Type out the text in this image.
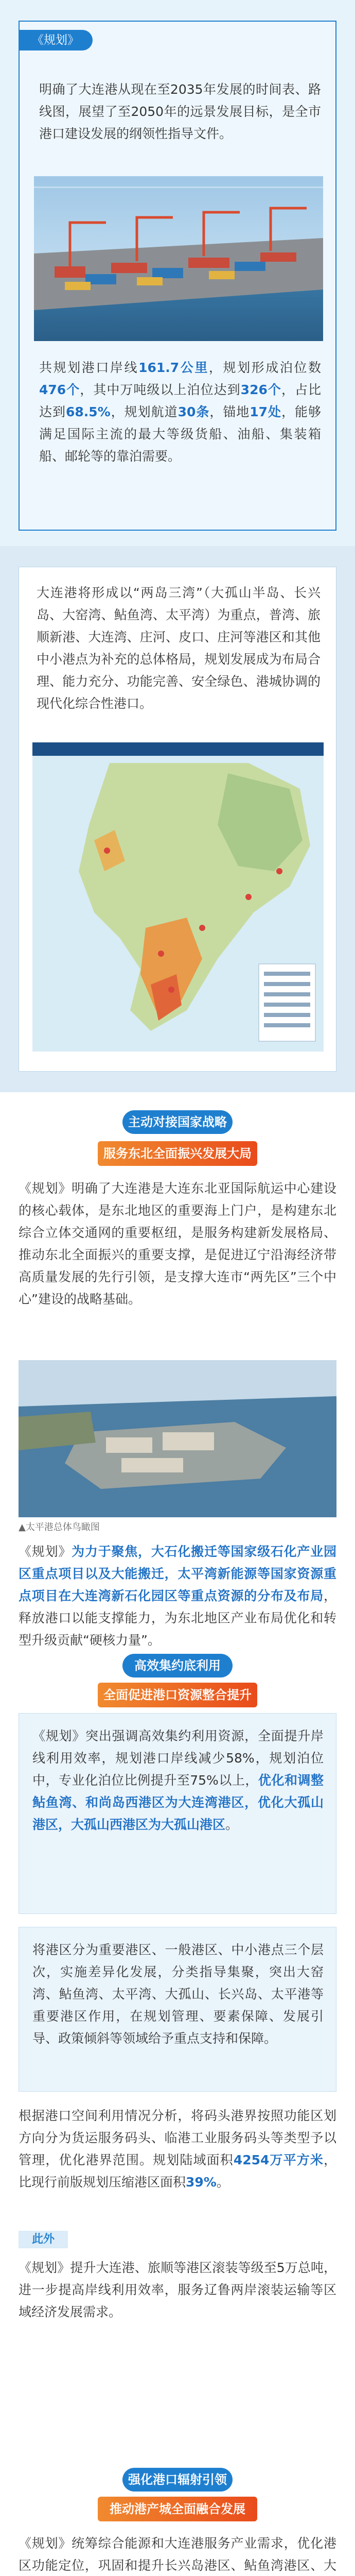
《规划》

明确了大连港从现在至2035年发展的时间表、路线图，展望了至2050年的远景发展目标，是全市港口建设发展的纲领性指导文件。

共规划港口岸线161.7公里，规划形成泊位数476个，其中万吨级以上泊位达到326个，占比达到68.5%，规划航道30条，锚地17处，能够满足国际主流的最大等级货船、油船、集装箱船、邮轮等的靠泊需要。

大连港将形成以“两岛三湾”（大孤山半岛、长兴岛、大窑湾、鲇鱼湾、太平湾）为重点，普湾、旅顺新港、大连湾、庄河、皮口、庄河等港区和其他中小港点为补充的总体格局，规划发展成为布局合理、能力充分、功能完善、安全绿色、港城协调的现代化综合性港口。

主动对接国家战略
服务东北全面振兴发展大局

《规划》明确了大连港是大连东北亚国际航运中心建设的核心载体，是东北地区的重要海上门户，是构建东北综合立体交通网的重要枢纽，是服务构建新发展格局、推动东北全面振兴的重要支撑，是促进辽宁沿海经济带高质量发展的先行引领，是支撑大连市“两先区”三个中心”建设的战略基础。

▲太平港总体鸟瞰图

《规划》为力于聚焦，大石化搬迁等国家级石化产业园区重点项目以及大能搬迁，太平湾新能源等国家资源重点项目在大连湾新石化园区等重点资源的分布及布局，释放港口以能支撑能力，为东北地区产业布局优化和转型升级贡献“硬核力量”。

高效集约底利用
全面促进港口资源整合提升

《规划》突出强调高效集约利用资源，全面提升岸线利用效率，规划港口岸线减少58%，规划泊位中，专业化泊位比例提升至75%以上，优化和调整鲇鱼湾、和尚岛西港区为大连湾港区，优化大孤山港区，大孤山西港区为大孤山港区。

将港区分为重要港区、一般港区、中小港点三个层次，实施差异化发展，分类指导集聚，突出大窑湾、鲇鱼湾、太平湾、大孤山、长兴岛、太平港等重要港区作用，在规划管理、要素保障、发展引导、政策倾斜等领域给予重点支持和保障。

根据港口空间利用情况分析，将码头港界按照功能区划方向分为货运服务码头、临港工业服务码头等类型予以管理，优化港界范围。规划陆域面积4254万平方米，比现行前版规划压缩港区面积39%。

此外

《规划》提升大连港、旅顺等港区滚装等级至5万总吨，进一步提高岸线利用效率，服务辽鲁两岸滚装运输等区域经济发展需求。

强化港口辐射引领
推动港产城全面融合发展

《规划》统筹综合能源和大连港服务产业需求，优化港区功能定位，巩固和提升长兴岛港区、鲇鱼湾港区、大
